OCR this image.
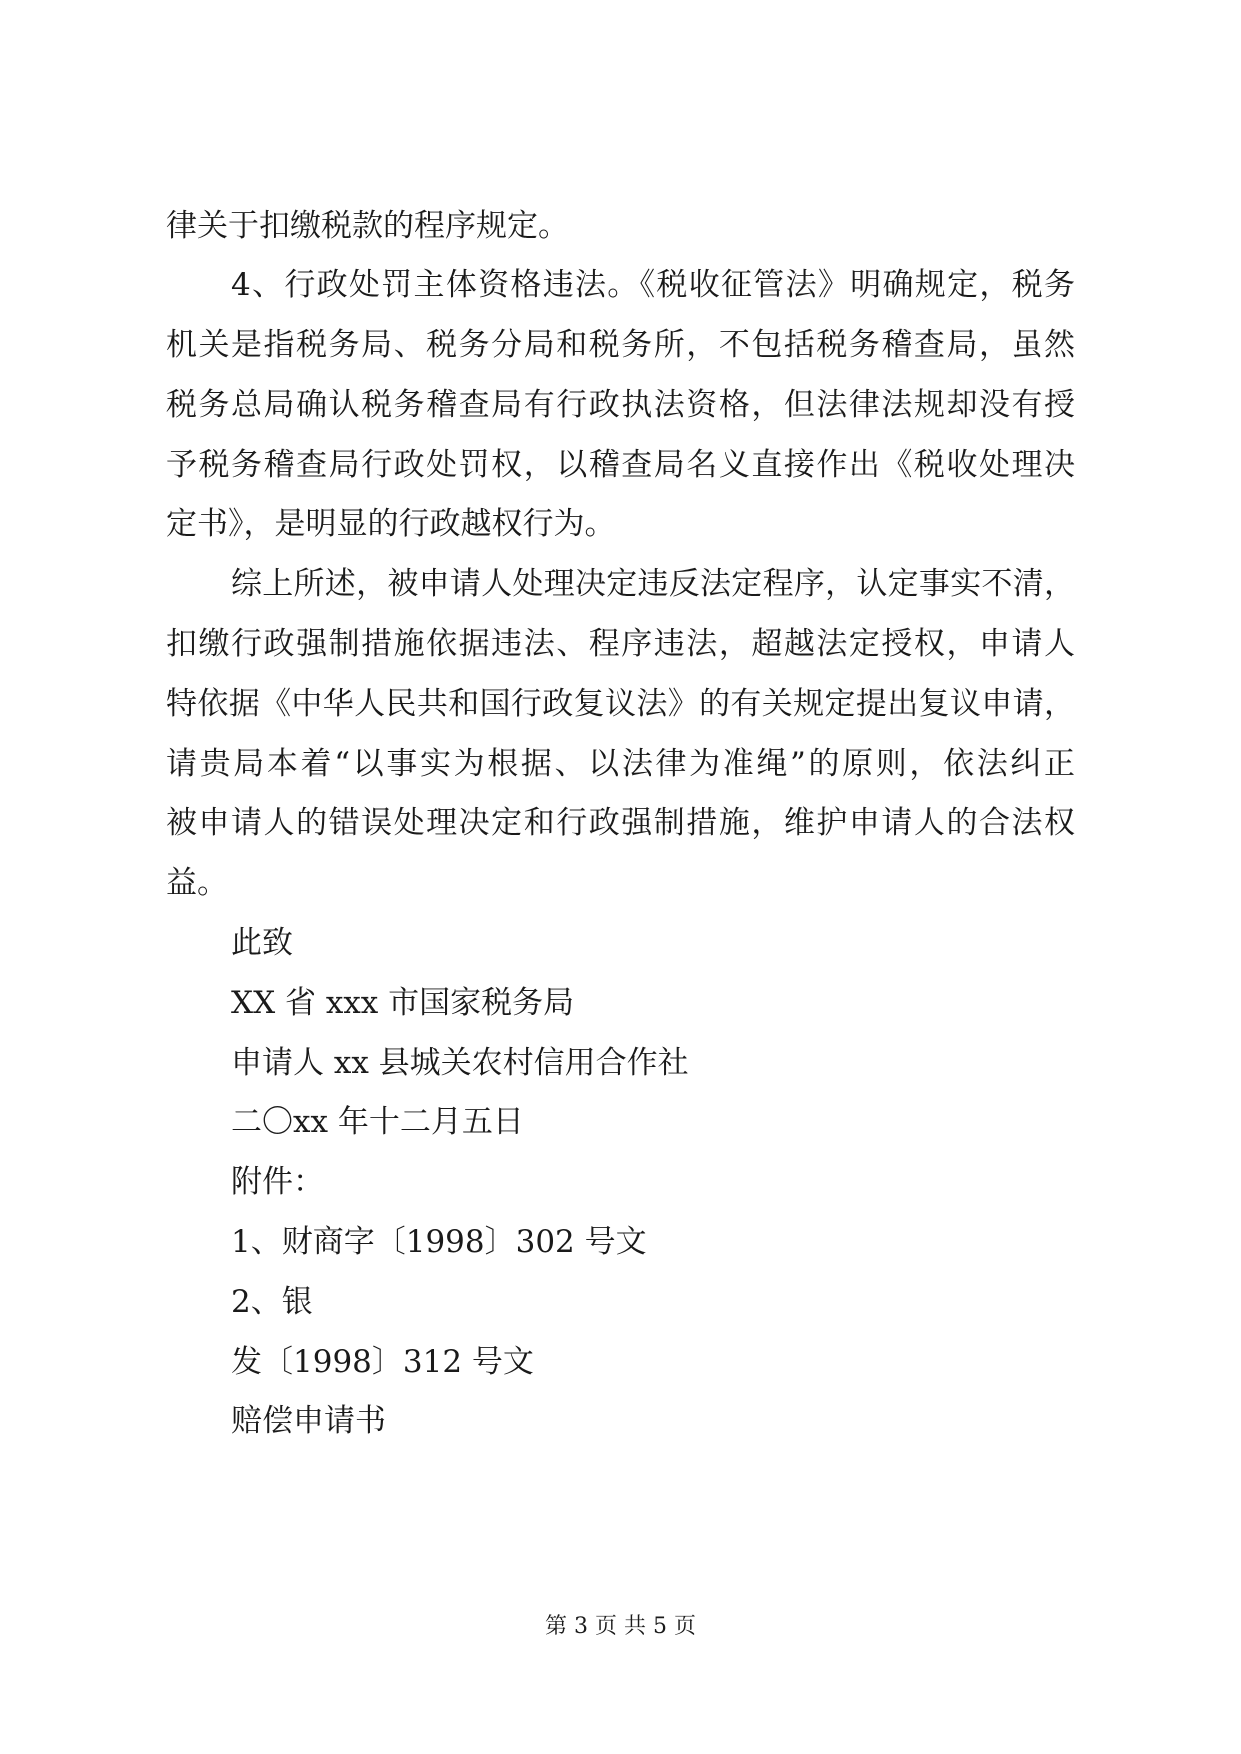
律关于扣缴税款的程序规定。
4、行政处罚主体资格违法。《税收征管法》明确规定，税务
机关是指税务局、税务分局和税务所，不包括税务稽查局，虽然
税务总局确认税务稽查局有行政执法资格，但法律法规却没有授
予税务稽查局行政处罚权，以稽查局名义直接作出《税收处理决
定书》，是明显的行政越权行为。
综上所述，被申请人处理决定违反法定程序，认定事实不清，
扣缴行政强制措施依据违法、程序违法，超越法定授权，申请人
特依据《中华人民共和国行政复议法》的有关规定提出复议申请，
请贵局本着“以事实为根据、以法律为准绳”的原则，依法纠正
被申请人的错误处理决定和行政强制措施，维护申请人的合法权
益。
此致
XX 省 xxx 市国家税务局
申请人 xx 县城关农村信用合作社
二〇xx 年十二月五日
附件：
1、财商字〔1998〕302 号文
2、银
发〔1998〕312 号文
赔偿申请书
第 3 页 共 5 页
